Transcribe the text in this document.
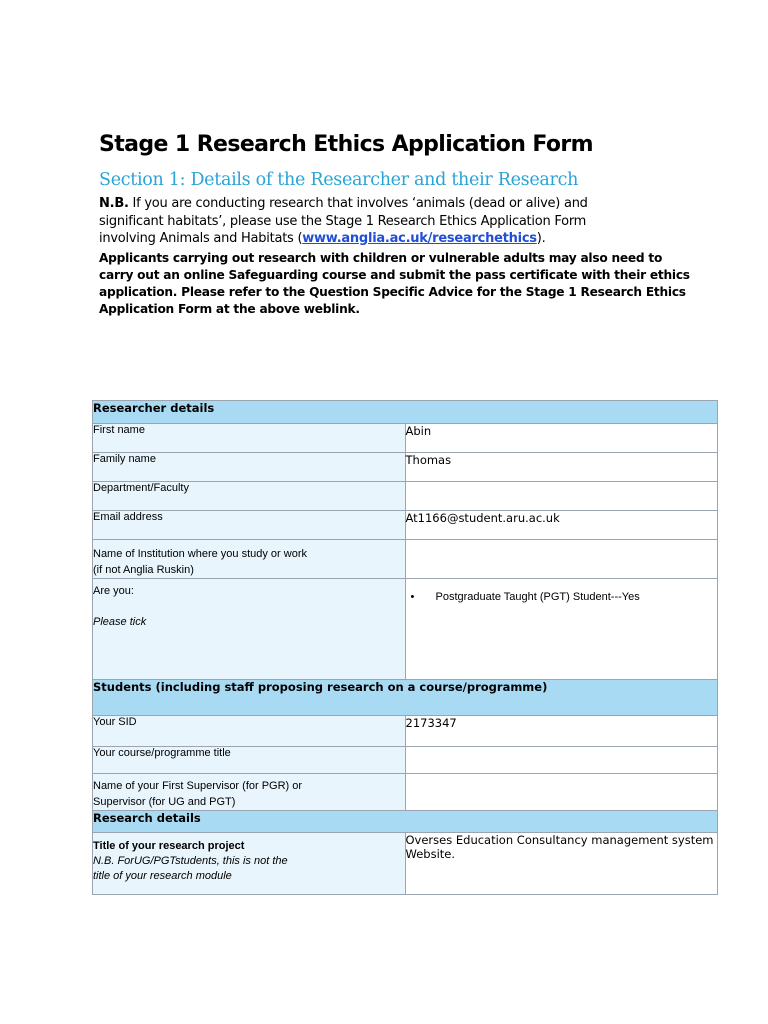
Stage 1 Research Ethics Application Form
Section 1: Details of the Researcher and their Research
N.B. If you are conducting research that involves ‘animals (dead or alive) and
significant habitats’, please use the Stage 1 Research Ethics Application Form
involving Animals and Habitats (www.anglia.ac.uk/researchethics).
Applicants carrying out research with children or vulnerable adults may also need to
carry out an online Safeguarding course and submit the pass certificate with their ethics
application. Please refer to the Question Specific Advice for the Stage 1 Research Ethics
Application Form at the above weblink.
Researcher details	
First name	Abin
Family name	Thomas
Department/Faculty	
Email address	At1166@student.aru.ac.uk

Name of Institution where you study or work
(if not Anglia Ruskin)	

Are you:
Please tick	• Postgraduate Taught (PGT) Student---Yes

Students (including staff proposing research on a course/programme)	
Your SID	2173347
Your course/programme title	

Name of your First Supervisor (for PGR) or
Supervisor (for UG and PGT)	

Research details	

Title of your research project
N.B. ForUG/PGTstudents, this is not the
title of your research module	Overses Education Consultancy management system Website.
